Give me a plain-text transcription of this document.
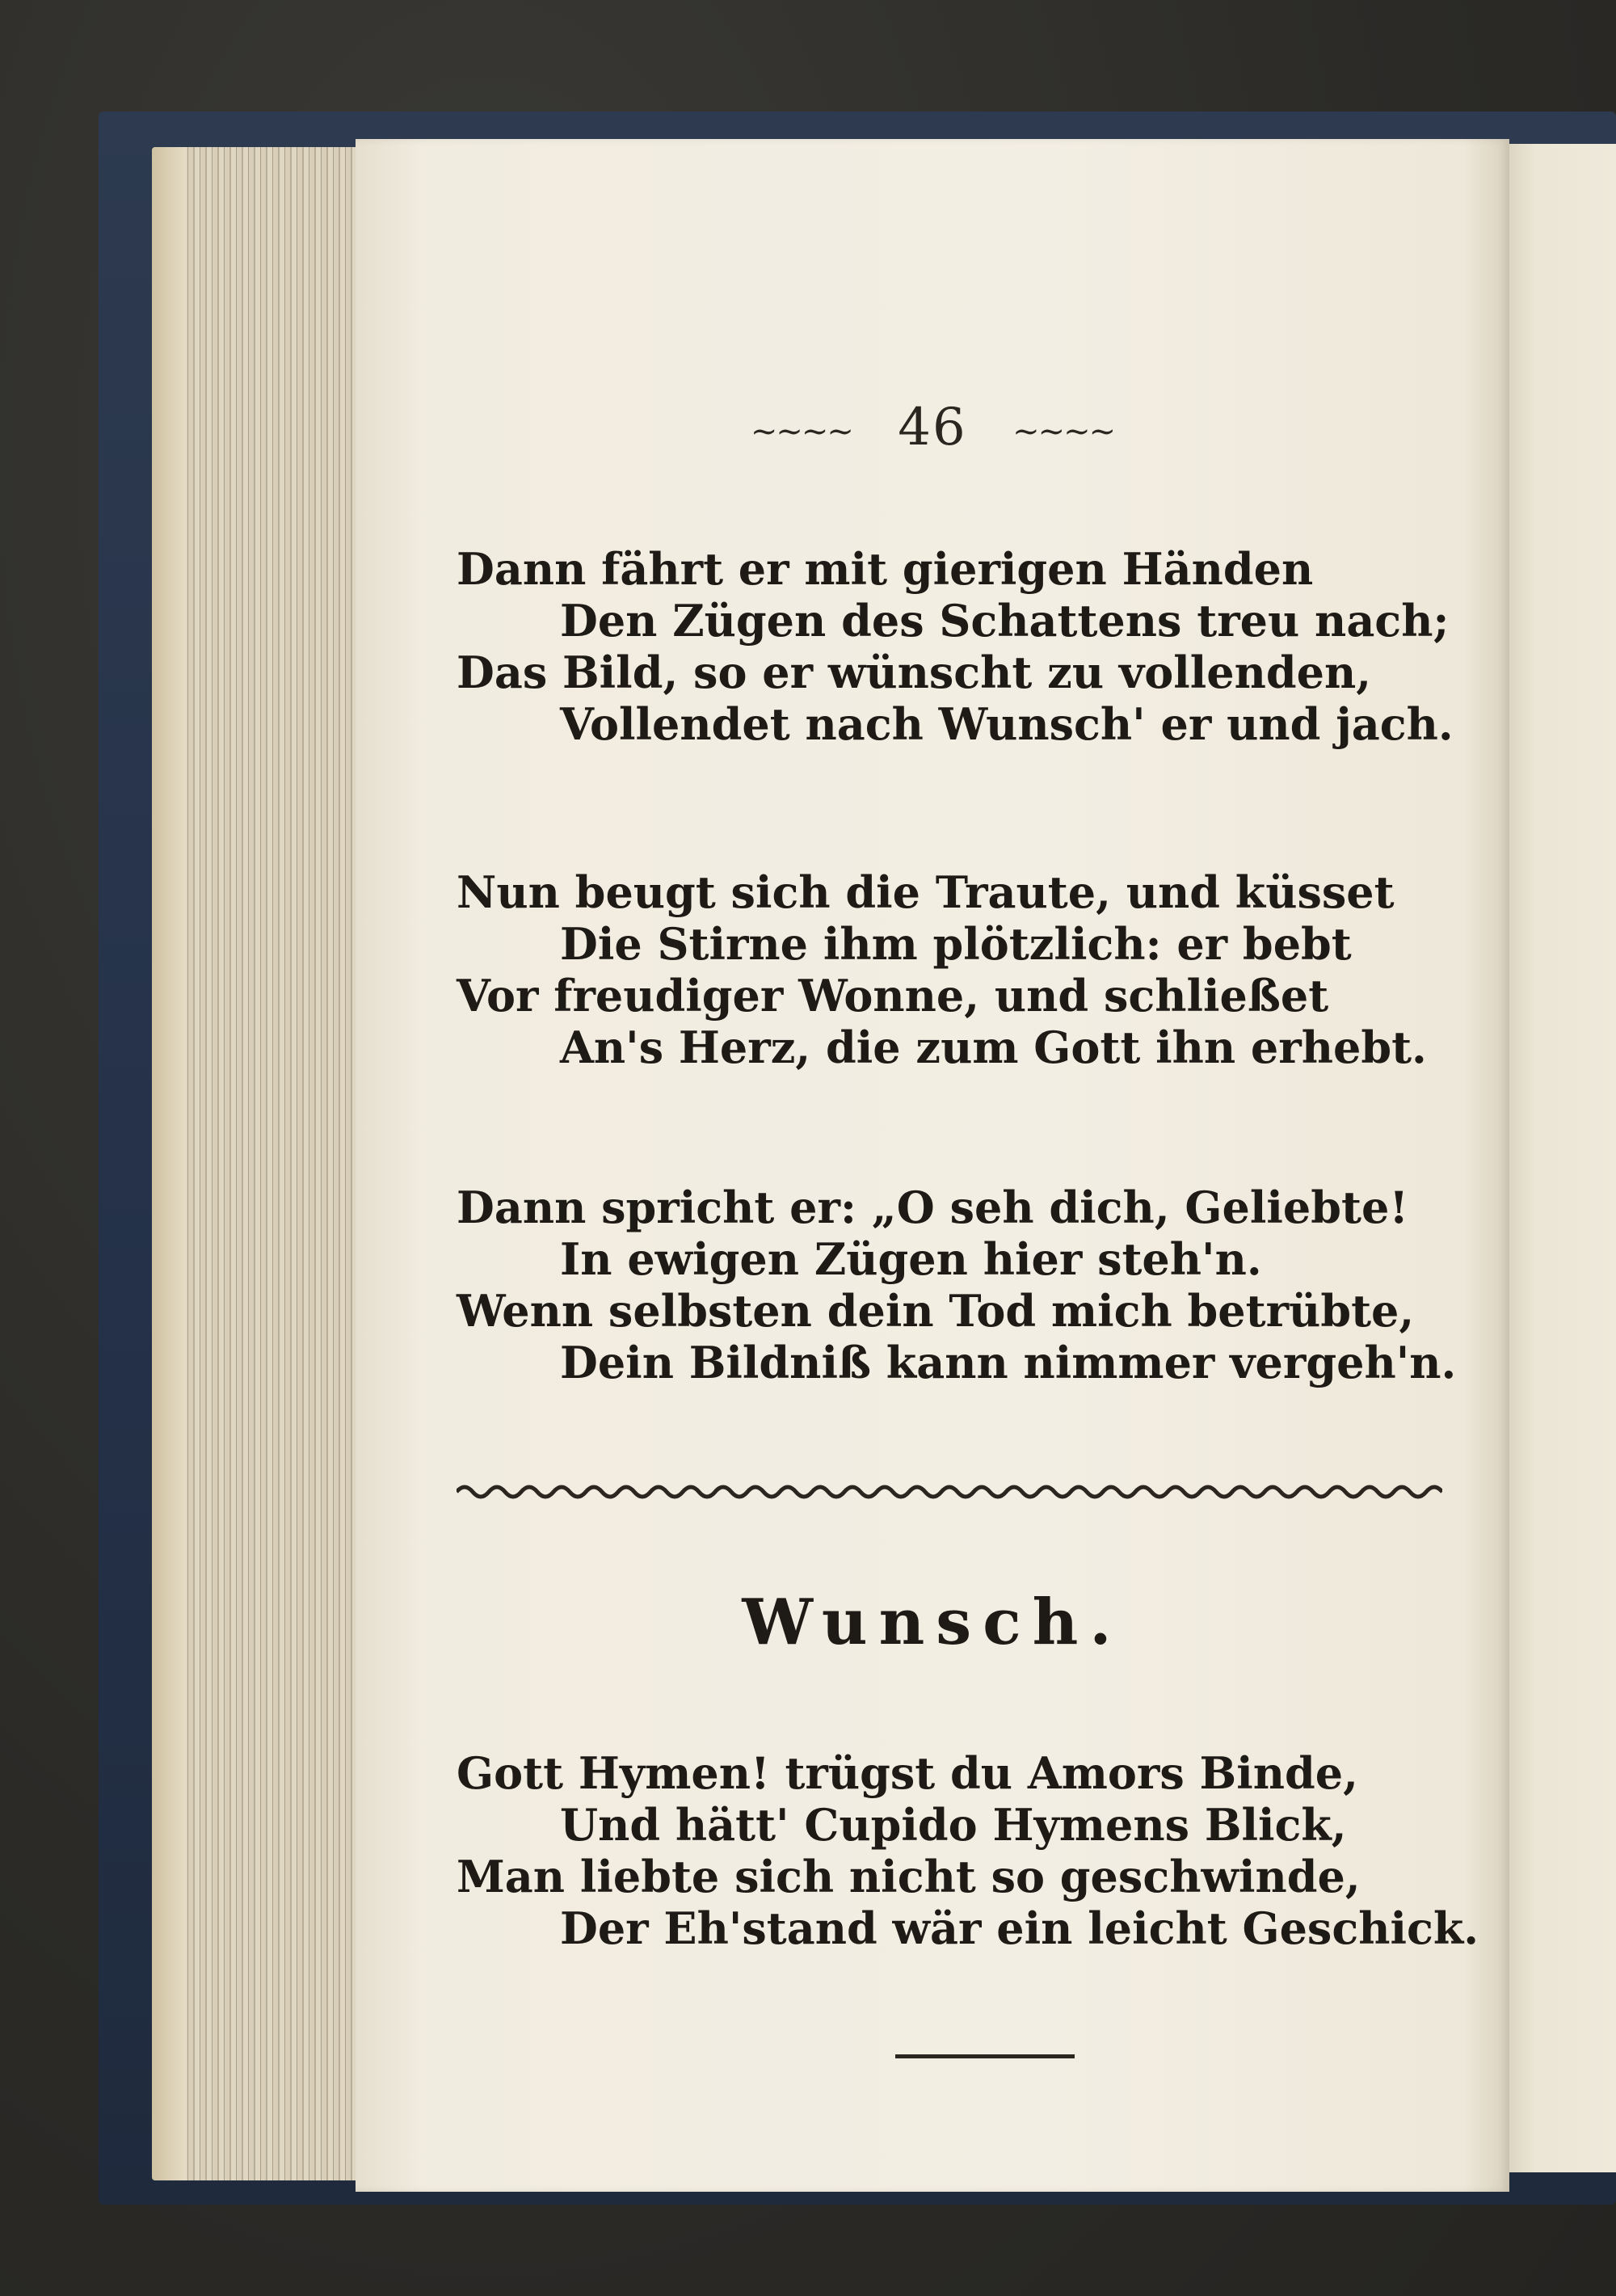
~~~~ 46 ~~~~
Dann fährt er mit gierigen Händen
Den Zügen des Schattens treu nach;
Das Bild, so er wünscht zu vollenden,
Vollendet nach Wunsch' er und jach.
Nun beugt sich die Traute, und küsset
Die Stirne ihm plötzlich: er bebt
Vor freudiger Wonne, und schließet
An's Herz, die zum Gott ihn erhebt.
Dann spricht er: „O seh dich, Geliebte!
In ewigen Zügen hier steh'n.
Wenn selbsten dein Tod mich betrübte,
Dein Bildniß kann nimmer vergeh'n.
Wunsch.
Gott Hymen! trügst du Amors Binde,
Und hätt' Cupido Hymens Blick,
Man liebte sich nicht so geschwinde,
Der Eh'stand wär ein leicht Geschick.
